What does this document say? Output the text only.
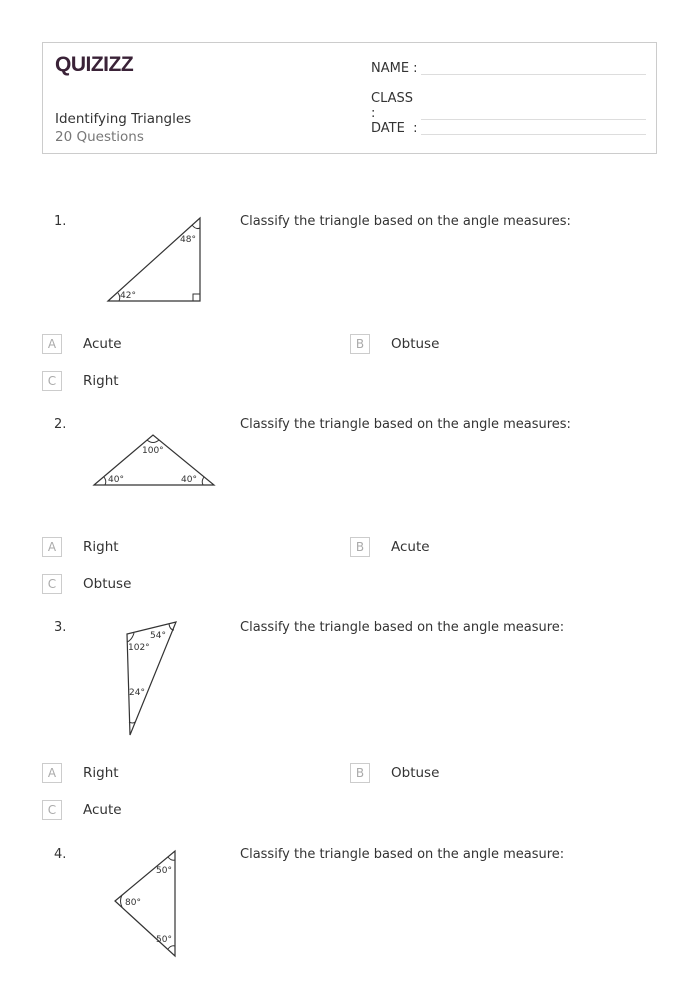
QUIZIZZ
Identifying Triangles
20 Questions
NAME :
CLASS :
DATE  :
1.	Classify the triangle based on the angle measures:
48°
42°
A	Acute	B	Obtuse
C	Right
2.	Classify the triangle based on the angle measures:
100°
40°	40°
A	Right	B	Acute
C	Obtuse
3.	Classify the triangle based on the angle measure:
102°
54°
24°
A	Right	B	Obtuse
C	Acute
4.	Classify the triangle based on the angle measure:
50°
80°
50°
